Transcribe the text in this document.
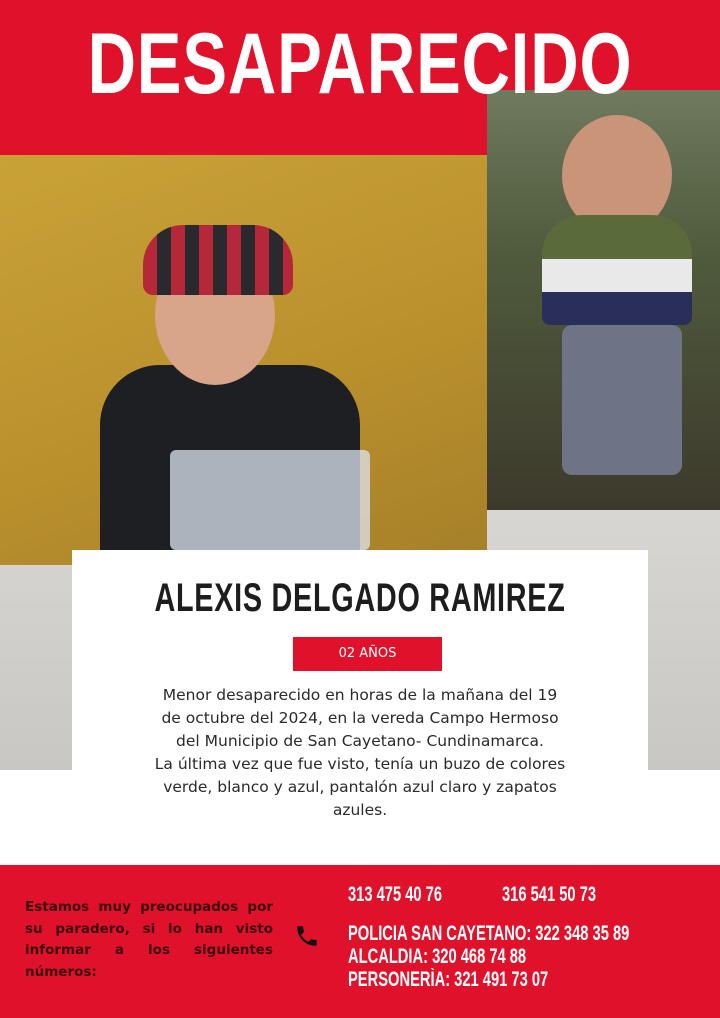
DESAPARECIDO
ALEXIS DELGADO RAMIREZ
02 AÑOS
Menor desaparecido en horas de la mañana del 19
de octubre del 2024, en la vereda Campo Hermoso
del Municipio de San Cayetano- Cundinamarca.
La última vez que fue visto, tenía un buzo de colores
verde, blanco y azul, pantalón azul claro y zapatos
azules.
Estamos muy preocupados por su paradero, si lo han visto informar a los siguientes números:
313 475 40 76	316 541 50 73
POLICIA SAN CAYETANO: 322 348 35 89
ALCALDIA: 320 468 74 88
PERSONERÌA: 321 491 73 07
